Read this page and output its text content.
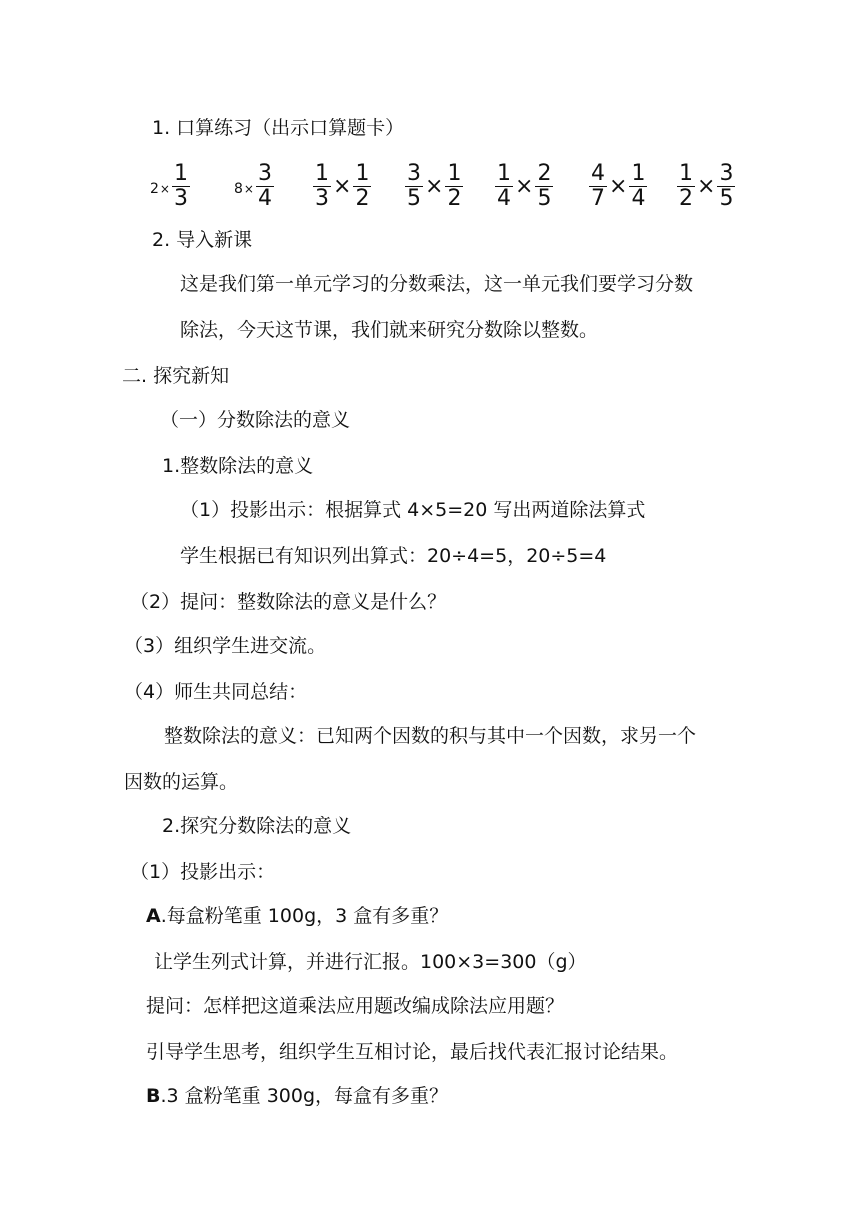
1. 口算练习（出示口算题卡）
$2 \times \frac{1}{3}$	$8 \times \frac{3}{4} \frac{1}{3} \times \frac{1}{2} \frac{3}{5} \times \frac{1}{2} \frac{1}{4} \times \frac{2}{5} \frac{4}{7} \times \frac{1}{4} \frac{1}{2} \times \frac{3}{5}$
2. 导入新课
这是我们第一单元学习的分数乘法，这一单元我们要学习分数
除法，今天这节课，我们就来研究分数除以整数。
二. 探究新知
（一）分数除法的意义
1.整数除法的意义
（1）投影出示：根据算式 4×5=20 写出两道除法算式
学生根据已有知识列出算式：20÷4=5，20÷5=4
（2）提问：整数除法的意义是什么？
（3）组织学生进交流。
（4）师生共同总结：
整数除法的意义：已知两个因数的积与其中一个因数，求另一个
因数的运算。
2.探究分数除法的意义
（1）投影出示：
A.每盒粉笔重 100g，3 盒有多重？
让学生列式计算，并进行汇报。100×3=300（g）
提问：怎样把这道乘法应用题改编成除法应用题？
引导学生思考，组织学生互相讨论，最后找代表汇报讨论结果。
B.3 盒粉笔重 300g，每盒有多重？
